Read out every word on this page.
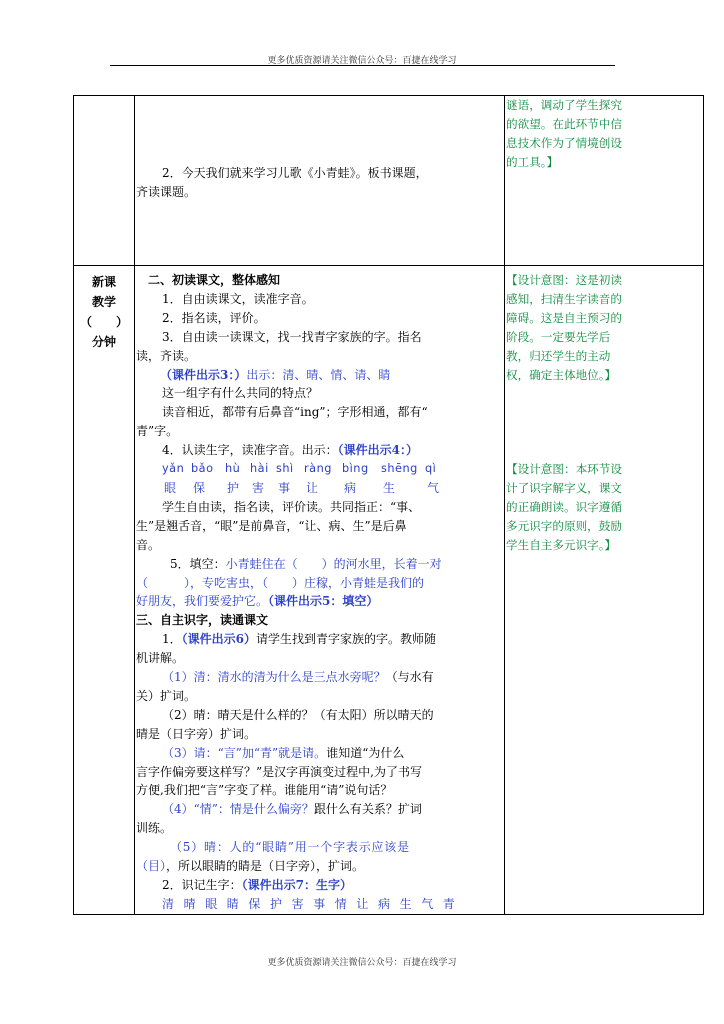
更多优质资源请关注微信公众号：百捷在线学习

2．今天我们就来学习儿歌《小青蛙》。板书课题，

齐读课题。

谜语，调动了学生探究

的欲望。在此环节中信

息技术作为了情境创设

的工具。】

新课
教学
（　　）
分钟

二、初读课文，整体感知

1．自由读课文，读准字音。

2．指名读，评价。

3．自由读一读课文，找一找青字家族的字。指名

读，齐读。

（课件出示3：）出示：清、晴、情、请、睛

这一组字有什么共同的特点？

读音相近，都带有后鼻音“ing”；字形相通，都有“

青”字。

4．认读生字，读准字音。出示：（课件出示4：）

yǎn bǎo hù hài shì ràng bìng shēng qì

眼 保 护 害 事 让 病 生	气

学生自由读，指名读，评价读。共同指正：“事、

生”是翘舌音，“眼”是前鼻音，“让、病、生”是后鼻

音。

5．填空：小青蛙住在（　　）的河水里，长着一对

（　　　），专吃害虫，（　　）庄稼，小青蛙是我们的

好朋友，我们要爱护它。（课件出示5：填空）

三、自主识字，读通课文

1．（课件出示6）请学生找到青字家族的字。教师随

机讲解。

（1）清：清水的清为什么是三点水旁呢？（与水有

关）扩词。

（2）晴：晴天是什么样的？（有太阳）所以晴天的

晴是（日字旁）扩词。

（3）请：“言”加“青”就是请。谁知道“为什么

言字作偏旁要这样写？”是汉字再演变过程中,为了书写

方便,我们把“言”字变了样。谁能用“请”说句话？

（4）“情”：情是什么偏旁？跟什么有关系？扩词

训练。

（5）晴：人的“眼睛”用一个字表示应该是

（目），所以眼睛的睛是（日字旁），扩词。

2．识记生字：（课件出示7：生字）

清晴眼睛保护害事情让病生气青

【设计意图：这是初读

感知，扫清生字读音的

障碍。这是自主预习的

阶段。一定要先学后

教，归还学生的主动

权，确定主体地位。】

【设计意图：本环节设

计了识字解字义，课文

的正确朗读。识字遵循

多元识字的原则，鼓励

学生自主多元识字。】

更多优质资源请关注微信公众号：百捷在线学习
